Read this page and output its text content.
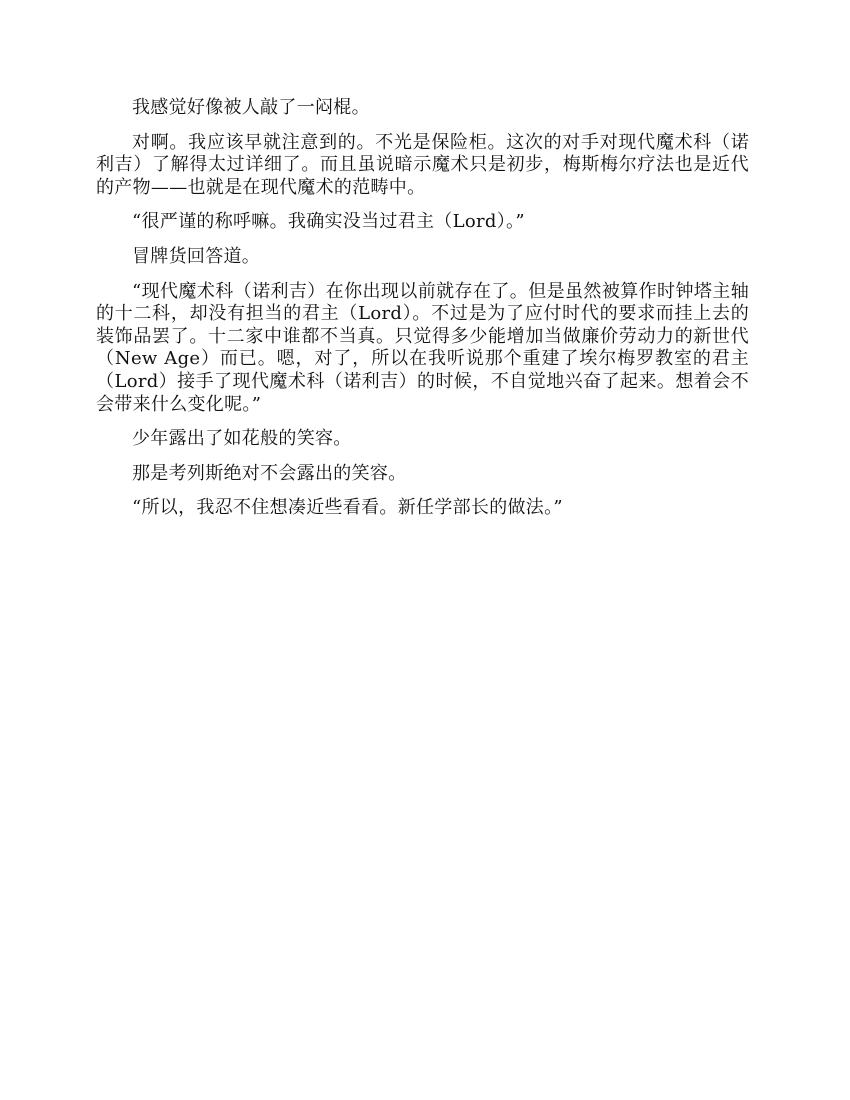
我感觉好像被人敲了一闷棍。

对啊。我应该早就注意到的。不光是保险柜。这次的对手对现代魔术科（诺利吉）了解得太过详细了。而且虽说暗示魔术只是初步，梅斯梅尔疗法也是近代的产物——也就是在现代魔术的范畴中。

“很严谨的称呼嘛。我确实没当过君主（Lord）。”

冒牌货回答道。

“现代魔术科（诺利吉）在你出现以前就存在了。但是虽然被算作时钟塔主轴的十二科，却没有担当的君主（Lord）。不过是为了应付时代的要求而挂上去的装饰品罢了。十二家中谁都不当真。只觉得多少能增加当做廉价劳动力的新世代（New Age）而已。嗯，对了，所以在我听说那个重建了埃尔梅罗教室的君主（Lord）接手了现代魔术科（诺利吉）的时候，不自觉地兴奋了起来。想着会不会带来什么变化呢。”

少年露出了如花般的笑容。

那是考列斯绝对不会露出的笑容。

“所以，我忍不住想凑近些看看。新任学部长的做法。”
